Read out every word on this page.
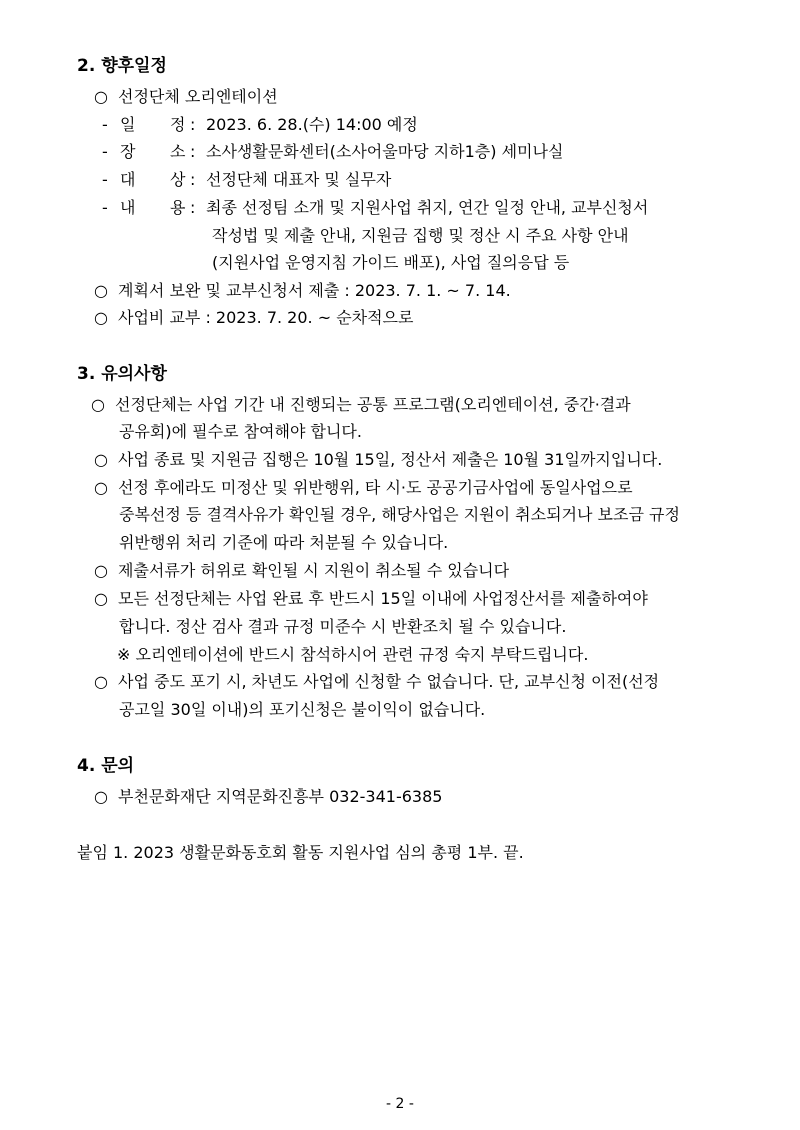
2. 향후일정
○ 선정단체 오리엔테이션
- 일 정 : 2023. 6. 28.(수) 14:00 예정
- 장 소 : 소사생활문화센터(소사어울마당 지하1층) 세미나실
- 대 상 : 선정단체 대표자 및 실무자
- 내 용 : 최종 선정팀 소개 및 지원사업 취지, 연간 일정 안내, 교부신청서
작성법 및 제출 안내, 지원금 집행 및 정산 시 주요 사항 안내
(지원사업 운영지침 가이드 배포), 사업 질의응답 등
○ 계획서 보완 및 교부신청서 제출 : 2023. 7. 1. ~ 7. 14.
○ 사업비 교부 : 2023. 7. 20. ~ 순차적으로
3. 유의사항
○ 선정단체는 사업 기간 내 진행되는 공통 프로그램(오리엔테이션, 중간·결과
공유회)에 필수로 참여해야 합니다.
○ 사업 종료 및 지원금 집행은 10월 15일, 정산서 제출은 10월 31일까지입니다.
○ 선정 후에라도 미정산 및 위반행위, 타 시·도 공공기금사업에 동일사업으로
중복선정 등 결격사유가 확인될 경우, 해당사업은 지원이 취소되거나 보조금 규정
위반행위 처리 기준에 따라 처분될 수 있습니다.
○ 제출서류가 허위로 확인될 시 지원이 취소될 수 있습니다
○ 모든 선정단체는 사업 완료 후 반드시 15일 이내에 사업정산서를 제출하여야
합니다. 정산 검사 결과 규정 미준수 시 반환조치 될 수 있습니다.
※ 오리엔테이션에 반드시 참석하시어 관련 규정 숙지 부탁드립니다.
○ 사업 중도 포기 시, 차년도 사업에 신청할 수 없습니다. 단, 교부신청 이전(선정
공고일 30일 이내)의 포기신청은 불이익이 없습니다.
4. 문의
○ 부천문화재단 지역문화진흥부 032-341-6385
붙임 1. 2023 생활문화동호회 활동 지원사업 심의 총평 1부. 끝.
- 2 -
